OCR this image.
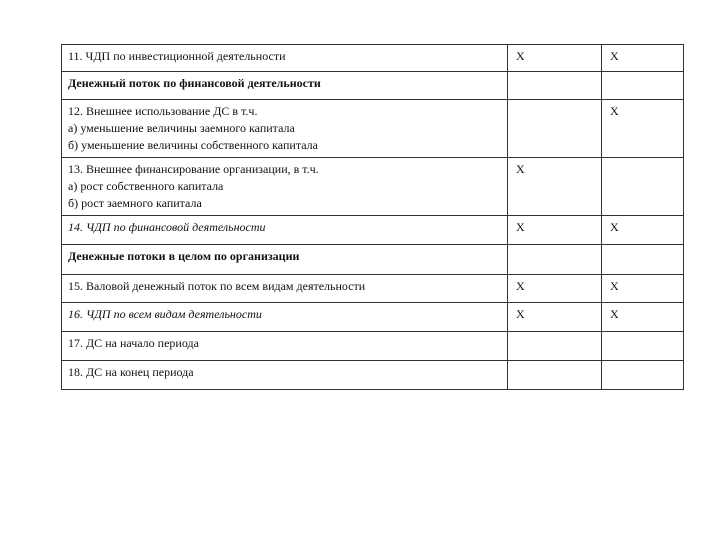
11. ЧДП по инвестиционной деятельности	Х	Х

Денежный поток по финансовой деятельности		

12. Внешнее использование ДС в т.ч.
а) уменьшение величины заемного капитала
б) уменьшение величины собственного капитала		Х

13. Внешнее финансирование организации, в т.ч.
а) рост собственного капитала
б) рост заемного капитала	Х	

14. ЧДП по финансовой деятельности	Х	Х

Денежные потоки в целом по организации		

15. Валовой денежный поток по всем видам деятельности	Х	Х

16. ЧДП по всем видам деятельности	Х	Х

17. ДС на начало периода		

18. ДС на конец периода		
